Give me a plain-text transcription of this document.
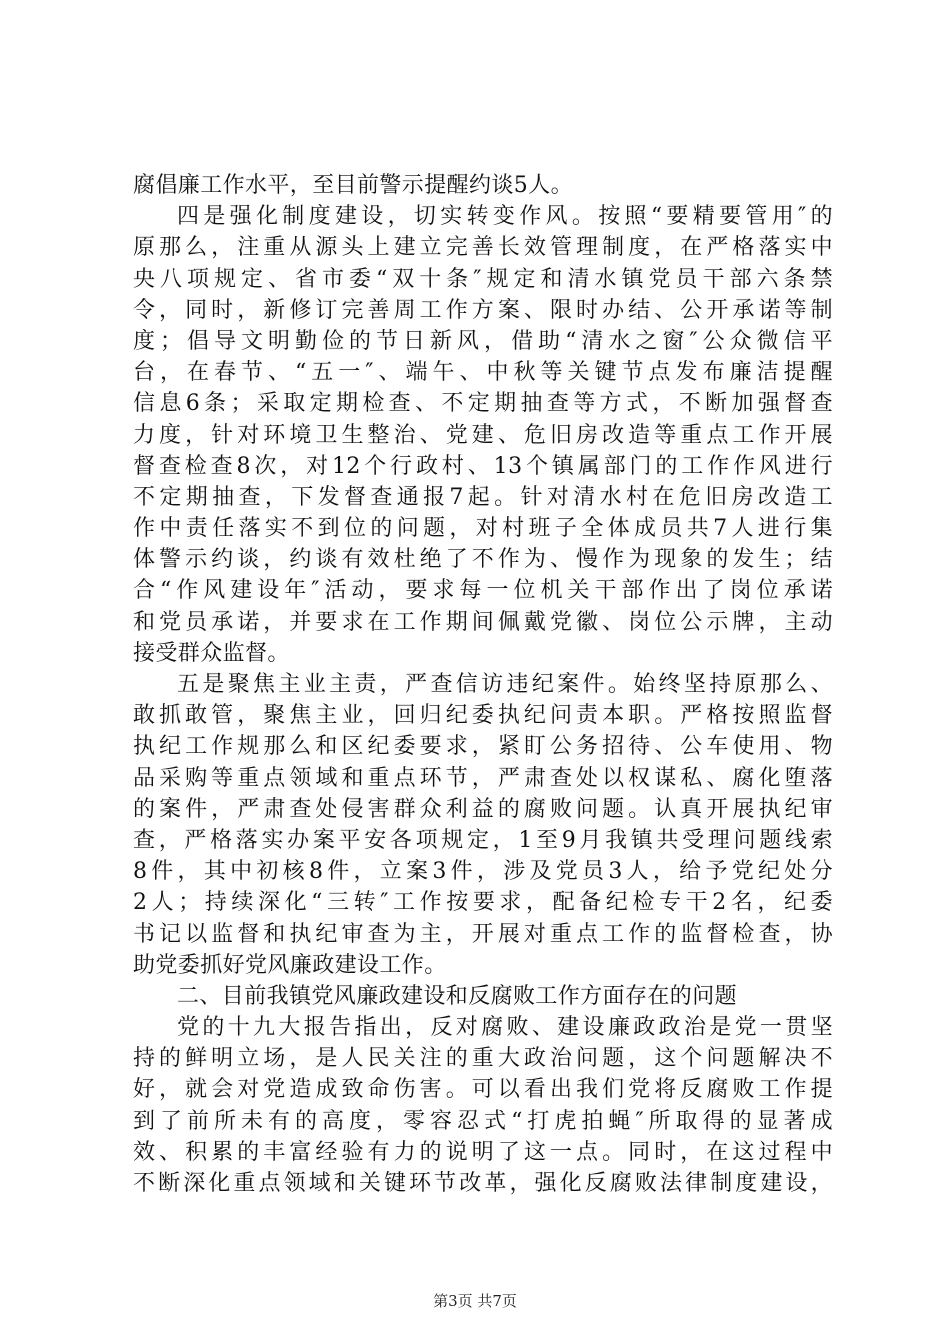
腐倡廉工作水平，至目前警示提醒约谈5人。
四是强化制度建设，切实转变作风。按照“要精要管用″的
原那么，注重从源头上建立完善长效管理制度，在严格落实中
央八项规定、省市委“双十条″规定和清水镇党员干部六条禁
令，同时，新修订完善周工作方案、限时办结、公开承诺等制
度；倡导文明勤俭的节日新风，借助“清水之窗″公众微信平
台，在春节、“五一″、端午、中秋等关键节点发布廉洁提醒
信息6条；采取定期检查、不定期抽查等方式，不断加强督查
力度，针对环境卫生整治、党建、危旧房改造等重点工作开展
督查检查8次，对12个行政村、13个镇属部门的工作作风进行
不定期抽查，下发督查通报7起。针对清水村在危旧房改造工
作中责任落实不到位的问题，对村班子全体成员共7人进行集
体警示约谈，约谈有效杜绝了不作为、慢作为现象的发生；结
合“作风建设年″活动，要求每一位机关干部作出了岗位承诺
和党员承诺，并要求在工作期间佩戴党徽、岗位公示牌，主动
接受群众监督。
五是聚焦主业主责，严查信访违纪案件。始终坚持原那么、
敢抓敢管，聚焦主业，回归纪委执纪问责本职。严格按照监督
执纪工作规那么和区纪委要求，紧盯公务招待、公车使用、物
品采购等重点领域和重点环节，严肃查处以权谋私、腐化堕落
的案件，严肃查处侵害群众利益的腐败问题。认真开展执纪审
查，严格落实办案平安各项规定，1至9月我镇共受理问题线索
8件，其中初核8件，立案3件，涉及党员3人，给予党纪处分
2人；持续深化“三转″工作按要求，配备纪检专干2名，纪委
书记以监督和执纪审查为主，开展对重点工作的监督检查，协
助党委抓好党风廉政建设工作。
二、目前我镇党风廉政建设和反腐败工作方面存在的问题
党的十九大报告指出，反对腐败、建设廉政政治是党一贯坚
持的鲜明立场，是人民关注的重大政治问题，这个问题解决不
好，就会对党造成致命伤害。可以看出我们党将反腐败工作提
到了前所未有的高度，零容忍式“打虎拍蝇″所取得的显著成
效、积累的丰富经验有力的说明了这一点。同时，在这过程中
不断深化重点领域和关键环节改革，强化反腐败法律制度建设，
第3页 共7页
